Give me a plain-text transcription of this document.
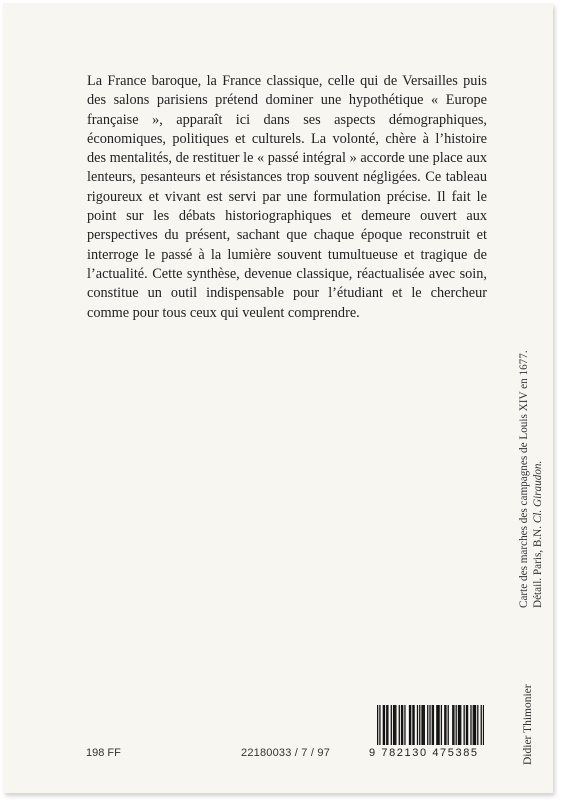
La France baroque, la France classique, celle qui de Versailles puis des salons parisiens prétend dominer une hypothétique « Europe française », apparaît ici dans ses aspects démographiques, économiques, politiques et culturels. La volonté, chère à l’histoire des mentalités, de restituer le « passé intégral » accorde une place aux lenteurs, pesanteurs et résistances trop souvent négligées. Ce tableau rigoureux et vivant est servi par une formulation précise. Il fait le point sur les débats historiographiques et demeure ouvert aux perspectives du présent, sachant que chaque époque reconstruit et interroge le passé à la lumière souvent tumultueuse et tragique de l’actualité. Cette synthèse, devenue classique, réactualisée avec soin, constitue un outil indispensable pour l’étudiant et le chercheur comme pour tous ceux qui veulent comprendre.

Carte des marches des campagnes de Louis XIV en 1677. Détail. Paris, B.N. Cl. Giraudon.
Didier Thimonier
198 FF	22180033 / 7 / 97	9 782130 475385
